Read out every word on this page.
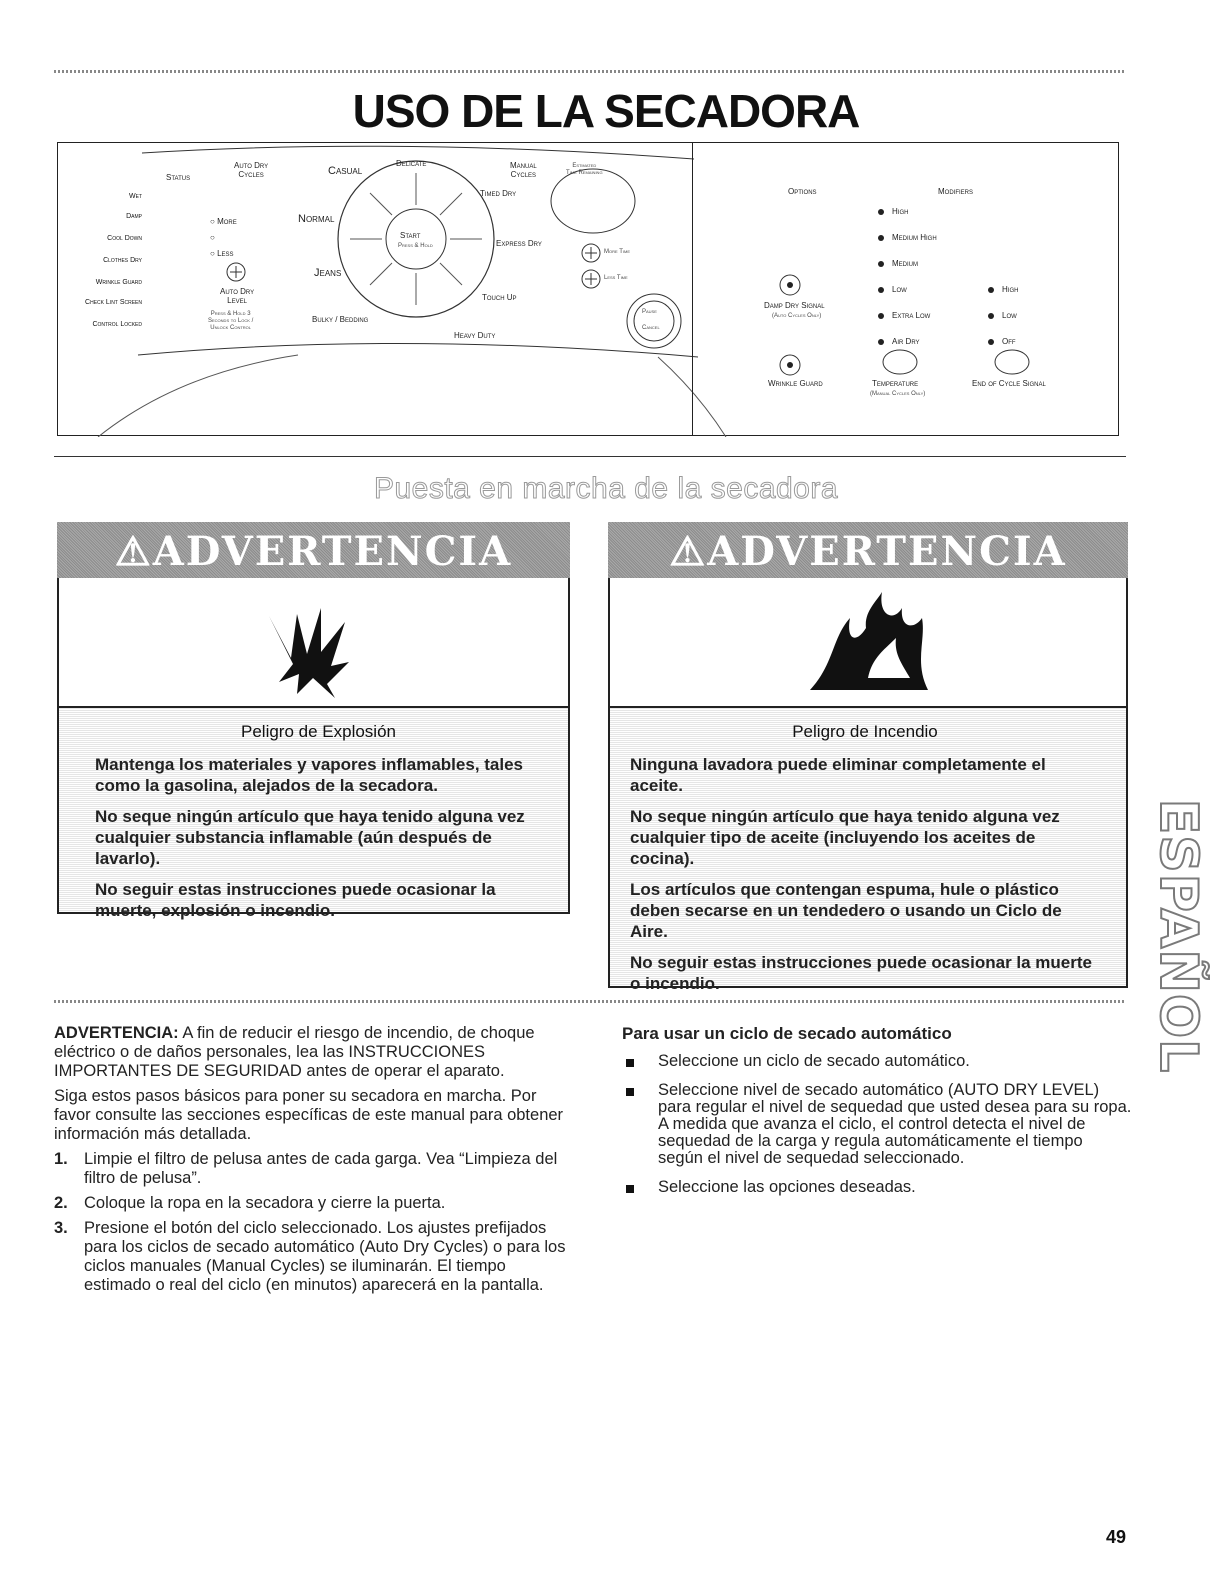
USO DE LA SECADORA
Status
Wet
Damp
Cool Down
Clothes Dry
Wrinkle Guard
Check Lint Screen
Control Locked
Auto Dry
Cycles
○ More
○
○ Less
Auto Dry
Level
Press & Hold 3
Seconds to Lock /
Unlock Control
Casual
Delicate
Normal
Jeans
Bulky / Bedding
Heavy Duty
Touch Up
Express Dry
Timed Dry
Manual
Cycles
Estimated
Time Remaining
Start
Press & Hold
More Time
Less Time
Pause
Cancel
Options	Modifiers
High
Medium High
Medium
Low
Extra Low
Air Dry
High
Low
Off
Damp Dry Signal
(Auto Cycles Only)
Wrinkle Guard	Temperature
(Manual Cycles Only)
End of Cycle Signal
Puesta en marcha de la secadora
⚠ADVERTENCIA
Peligro de Explosión

Mantenga los materiales y vapores inflamables, tales como la gasolina, alejados de la secadora.

No seque ningún artículo que haya tenido alguna vez cualquier substancia inflamable (aún después de lavarlo).

No seguir estas instrucciones puede ocasionar la muerte, explosión o incendio.

⚠ADVERTENCIA
Peligro de Incendio

Ninguna lavadora puede eliminar completamente el aceite.

No seque ningún artículo que haya tenido alguna vez cualquier tipo de aceite (incluyendo los aceites de cocina).

Los artículos que contengan espuma, hule o plástico deben secarse en un tendedero o usando un Ciclo de Aire.

No seguir estas instrucciones puede ocasionar la muerte o incendio.

ADVERTENCIA: A fin de reducir el riesgo de incendio, de choque eléctrico o de daños personales, lea las INSTRUCCIONES IMPORTANTES DE SEGURIDAD antes de operar el aparato.

Siga estos pasos básicos para poner su secadora en marcha. Por favor consulte las secciones específicas de este manual para obtener información más detallada.

1. Limpie el filtro de pelusa antes de cada garga. Vea “Limpieza del filtro de pelusa”.
2. Coloque la ropa en la secadora y cierre la puerta.
3. Presione el botón del ciclo seleccionado. Los ajustes prefijados para los ciclos de secado automático (Auto Dry Cycles) o para los ciclos manuales (Manual Cycles) se iluminarán. El tiempo estimado o real del ciclo (en minutos) aparecerá en la pantalla.
Para usar un ciclo de secado automático
Seleccione un ciclo de secado automático.
Seleccione nivel de secado automático (AUTO DRY LEVEL) para regular el nivel de sequedad que usted desea para su ropa. A medida que avanza el ciclo, el control detecta el nivel de sequedad de la carga y regula automáticamente el tiempo según el nivel de sequedad seleccionado.
Seleccione las opciones deseadas.
ESPAÑOL
49
